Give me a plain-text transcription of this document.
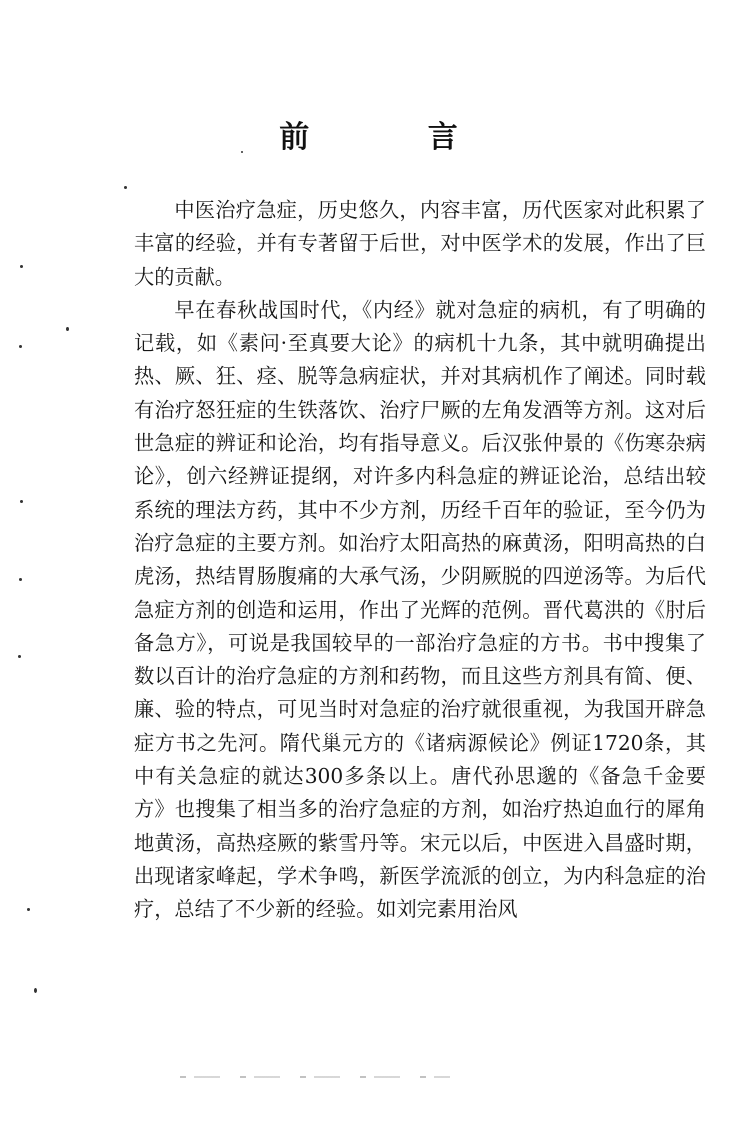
前 言

中医治疗急症，历史悠久，内容丰富，历代医家对此积累了丰富的经验，并有专著留于后世，对中医学术的发展，作出了巨大的贡献。

早在春秋战国时代，《内经》就对急症的病机，有了明确的记载，如《素问·至真要大论》的病机十九条，其中就明确提出热、厥、狂、痉、脱等急病症状，并对其病机作了阐述。同时载有治疗怒狂症的生铁落饮、治疗尸厥的左角发酒等方剂。这对后世急症的辨证和论治，均有指导意义。后汉张仲景的《伤寒杂病论》，创六经辨证提纲，对许多内科急症的辨证论治，总结出较系统的理法方药，其中不少方剂，历经千百年的验证，至今仍为治疗急症的主要方剂。如治疗太阳高热的麻黄汤，阳明高热的白虎汤，热结胃肠腹痛的大承气汤，少阴厥脱的四逆汤等。为后代急症方剂的创造和运用，作出了光辉的范例。晋代葛洪的《肘后备急方》，可说是我国较早的一部治疗急症的方书。书中搜集了数以百计的治疗急症的方剂和药物，而且这些方剂具有简、便、廉、验的特点，可见当时对急症的治疗就很重视，为我国开辟急症方书之先河。隋代巢元方的《诸病源候论》例证1720条，其中有关急症的就达300多条以上。唐代孙思邈的《备急千金要方》也搜集了相当多的治疗急症的方剂，如治疗热迫血行的犀角地黄汤，高热痉厥的紫雪丹等。宋元以后，中医进入昌盛时期，出现诸家峰起，学术争鸣，新医学流派的创立，为内科急症的治疗，总结了不少新的经验。如刘完素用治风
